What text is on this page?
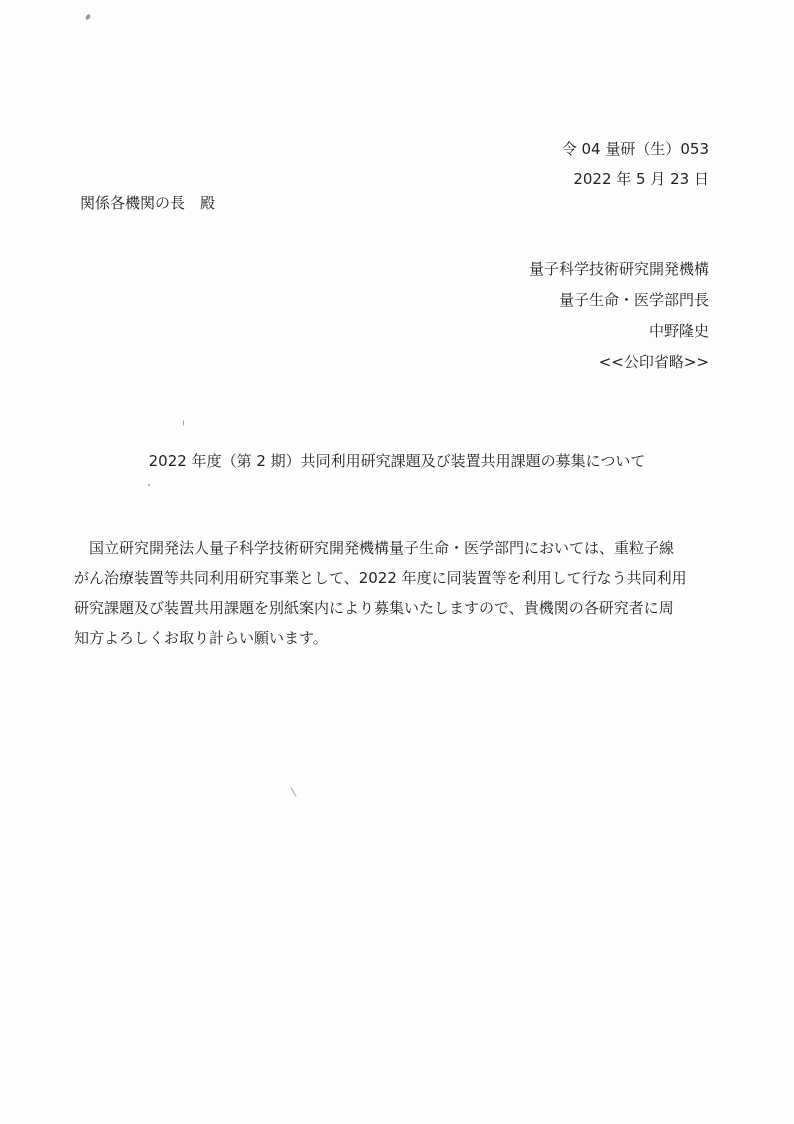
令 04 量研（生）053
2022 年 5 月 23 日
関係各機関の長　殿
量子科学技術研究開発機構
量子生命・医学部門長
中野隆史
<<公印省略>>
2022 年度（第 2 期）共同利用研究課題及び装置共用課題の募集について
国立研究開発法人量子科学技術研究開発機構量子生命・医学部門においては、重粒子線
がん治療装置等共同利用研究事業として、2022 年度に同装置等を利用して行なう共同利用
研究課題及び装置共用課題を別紙案内により募集いたしますので、貴機関の各研究者に周
知方よろしくお取り計らい願います。
